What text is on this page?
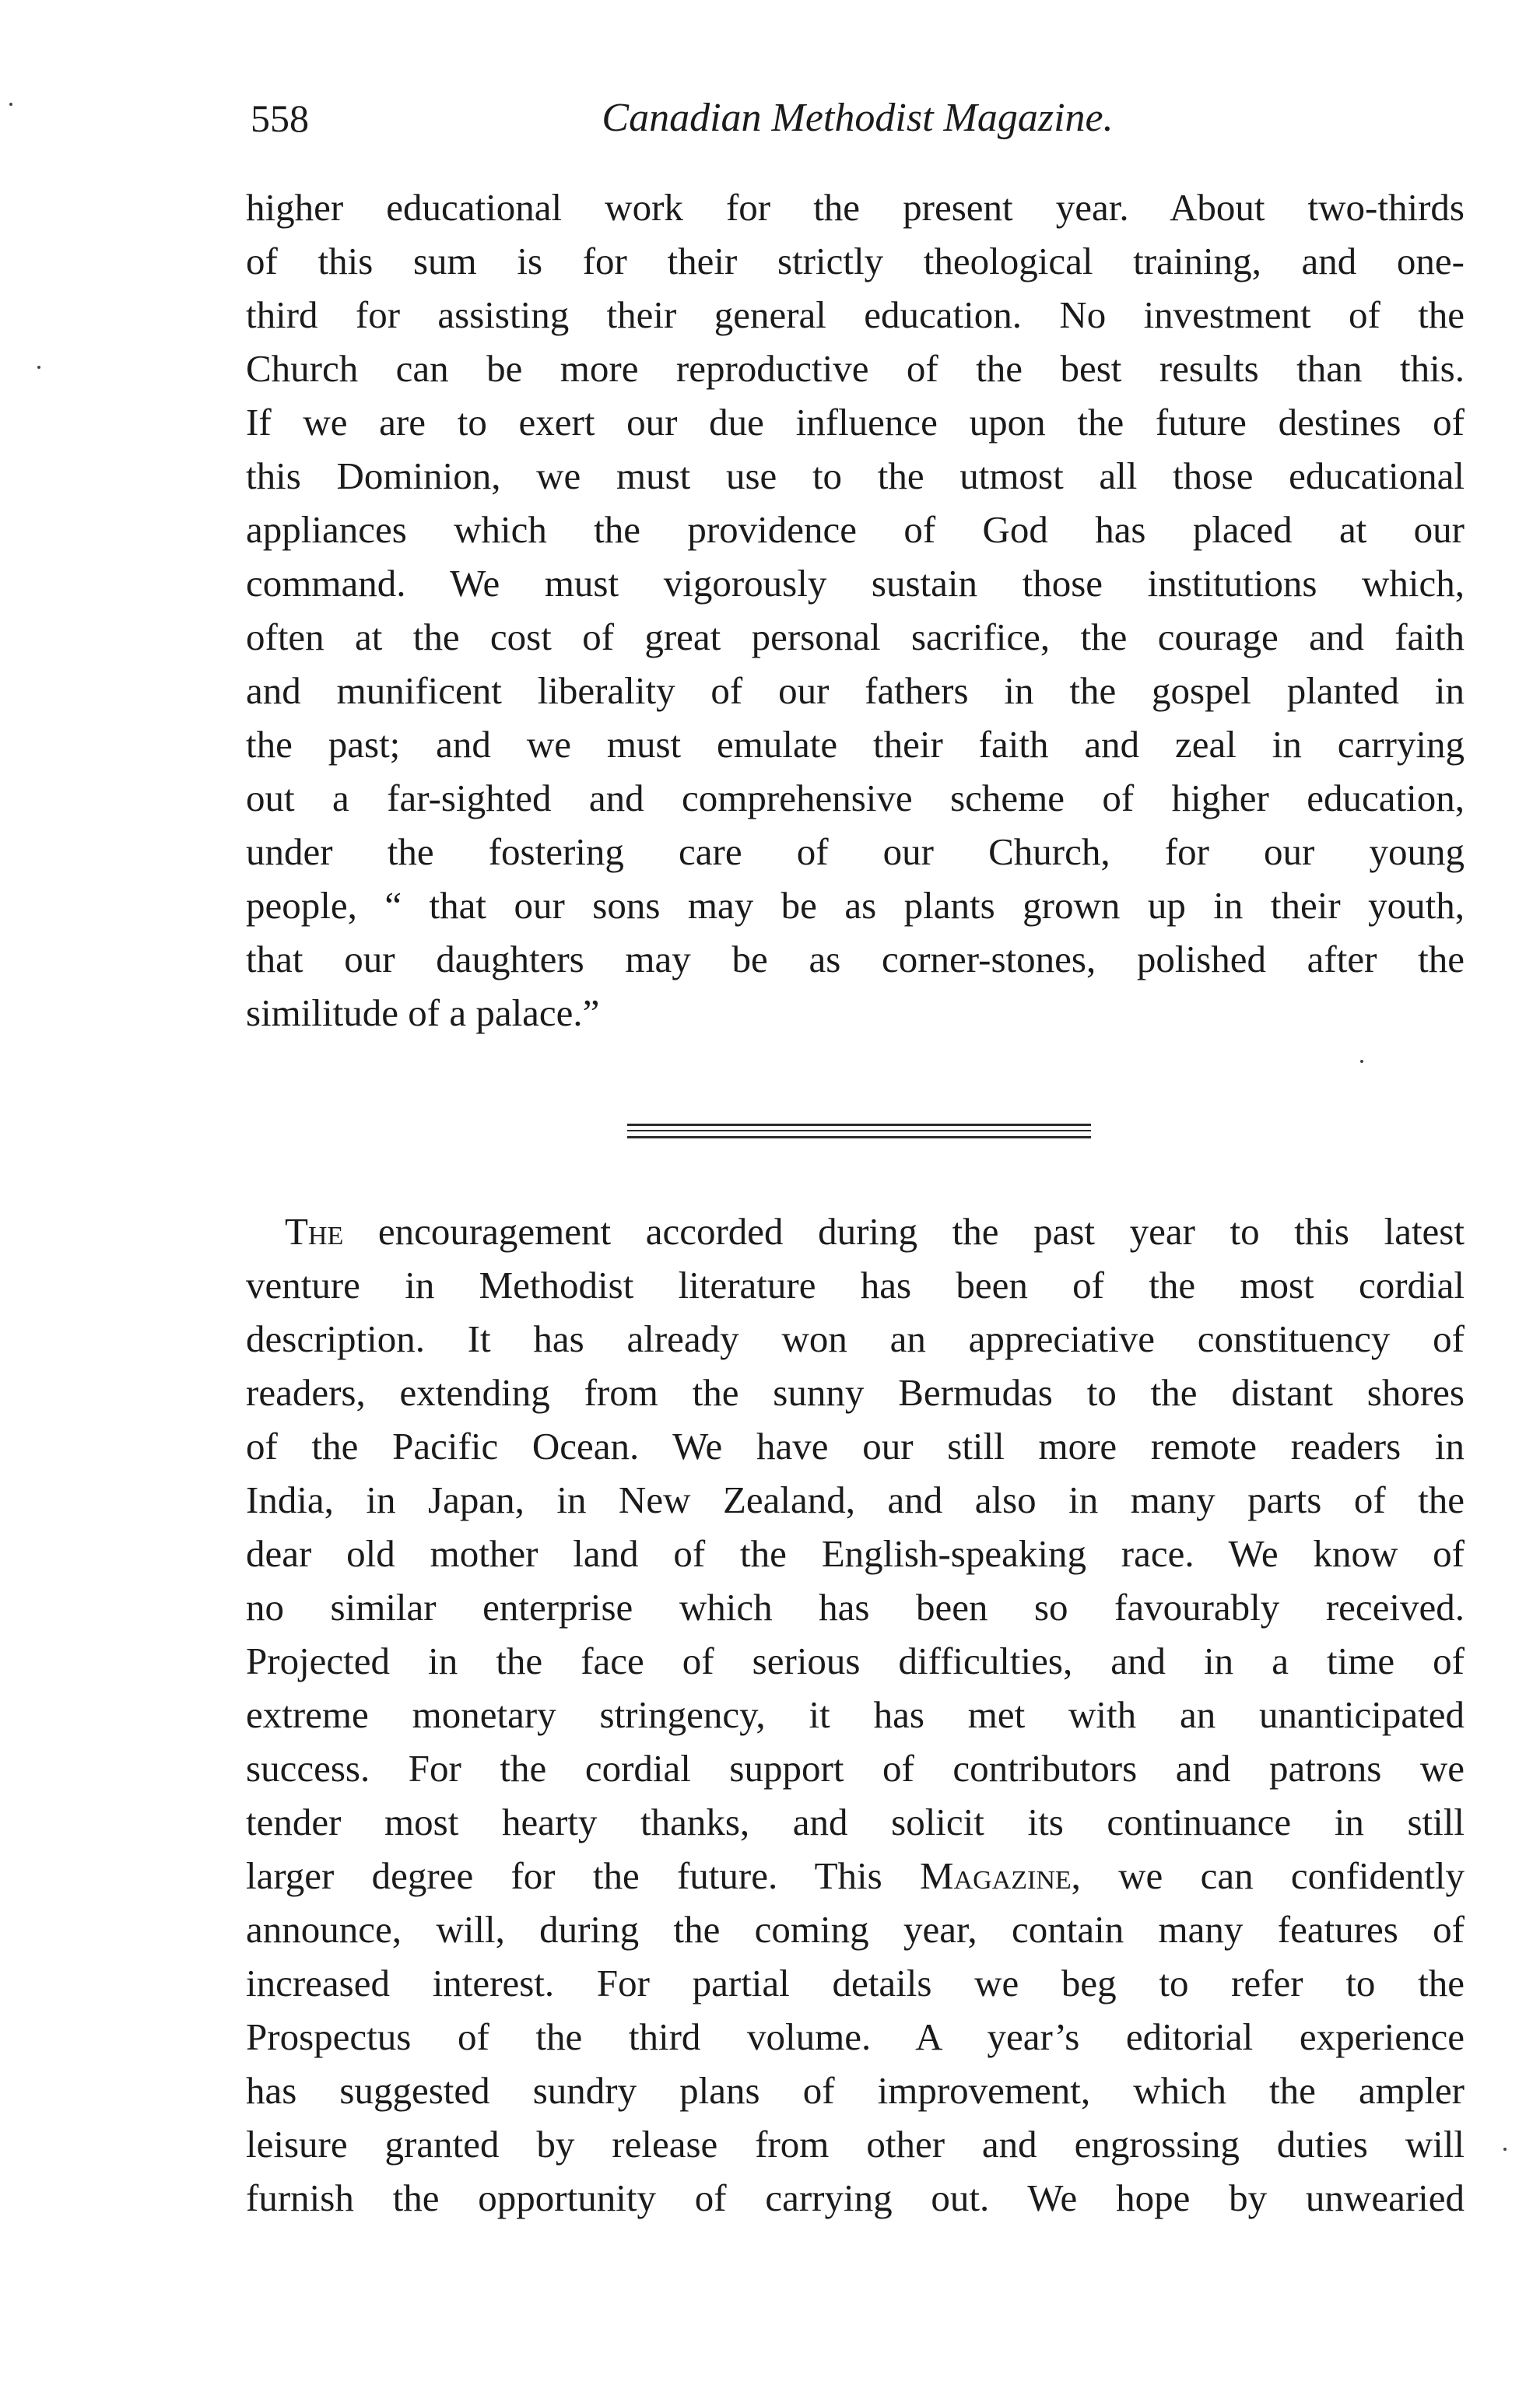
558	Canadian Methodist Magazine.
higher educational work for the present year. About two-thirds
of this sum is for their strictly theological training, and one-
third for assisting their general education. No investment of the
Church can be more reproductive of the best results than this.
If we are to exert our due influence upon the future destines of
this Dominion, we must use to the utmost all those educational
appliances which the providence of God has placed at our
command. We must vigorously sustain those institutions which,
often at the cost of great personal sacrifice, the courage and faith
and munificent liberality of our fathers in the gospel planted in
the past; and we must emulate their faith and zeal in carrying
out a far-sighted and comprehensive scheme of higher education,
under the fostering care of our Church, for our young
people, “ that our sons may be as plants grown up in their youth,
that our daughters may be as corner-stones, polished after the
similitude of a palace.”
The encouragement accorded during the past year to this latest
venture in Methodist literature has been of the most cordial
description. It has already won an appreciative constituency of
readers, extending from the sunny Bermudas to the distant shores
of the Pacific Ocean. We have our still more remote readers in
India, in Japan, in New Zealand, and also in many parts of the
dear old mother land of the English-speaking race. We know of
no similar enterprise which has been so favourably received.
Projected in the face of serious difficulties, and in a time of
extreme monetary stringency, it has met with an unanticipated
success. For the cordial support of contributors and patrons we
tender most hearty thanks, and solicit its continuance in still
larger degree for the future. This Magazine, we can confidently
announce, will, during the coming year, contain many features of
increased interest. For partial details we beg to refer to the
Prospectus of the third volume. A year’s editorial experience
has suggested sundry plans of improvement, which the ampler
leisure granted by release from other and engrossing duties will
furnish the opportunity of carrying out. We hope by unwearied
